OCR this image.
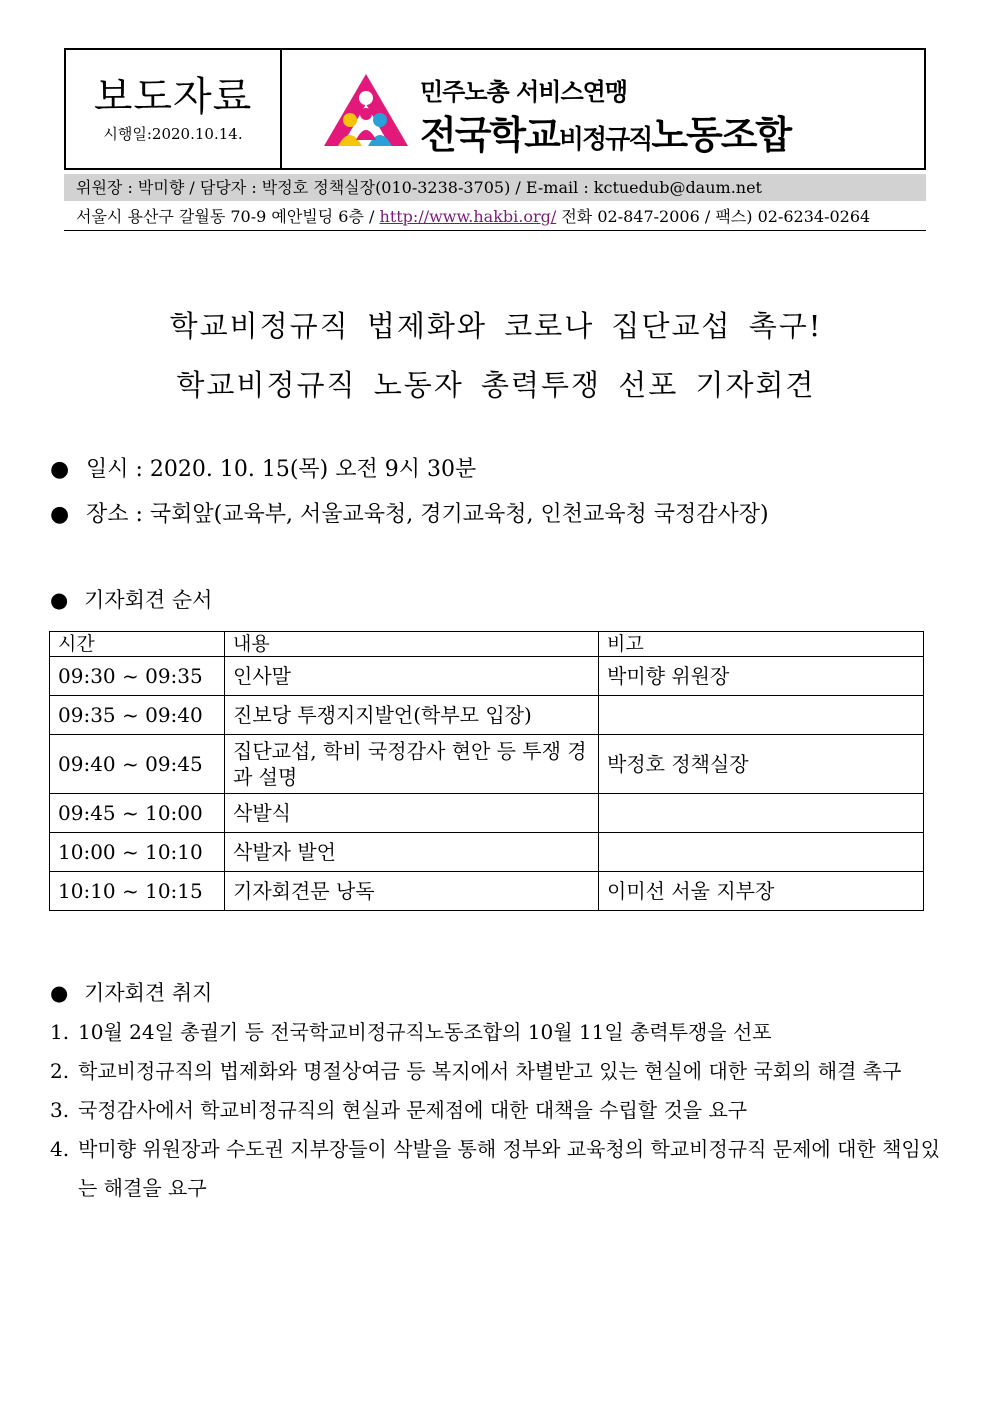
보도자료
시행일:2020.10.14.
민주노총 서비스연맹
전국학교비정규직노동조합
위원장 : 박미향 / 담당자 : 박정호 정책실장(010-3238-3705) / E-mail : kctuedub@daum.net
서울시 용산구 갈월동 70-9 예안빌딩 6층 / http://www.hakbi.org/ 전화 02-847-2006 / 팩스) 02-6234-0264
학교비정규직 법제화와 코로나 집단교섭 촉구!
학교비정규직 노동자 총력투쟁 선포 기자회견
● 일시 : 2020. 10. 15(목) 오전 9시 30분
● 장소 : 국회앞(교육부, 서울교육청, 경기교육청, 인천교육청 국정감사장)
● 기자회견 순서
시간	내용	비고
09:30 ~ 09:35	인사말	박미향 위원장
09:35 ~ 09:40	진보당 투쟁지지발언(학부모 입장)	
09:40 ~ 09:45	집단교섭, 학비 국정감사 현안 등 투쟁 경과 설명	박정호 정책실장
09:45 ~ 10:00	삭발식	
10:00 ~ 10:10	삭발자 발언	
10:10 ~ 10:15	기자회견문 낭독	이미선 서울 지부장
● 기자회견 취지
1. 10월 24일 총궐기 등 전국학교비정규직노동조합의 10월 11일 총력투쟁을 선포
2. 학교비정규직의 법제화와 명절상여금 등 복지에서 차별받고 있는 현실에 대한 국회의 해결 촉구
3. 국정감사에서 학교비정규직의 현실과 문제점에 대한 대책을 수립할 것을 요구
4. 박미향 위원장과 수도권 지부장들이 삭발을 통해 정부와 교육청의 학교비정규직 문제에 대한 책임있는 해결을 요구
